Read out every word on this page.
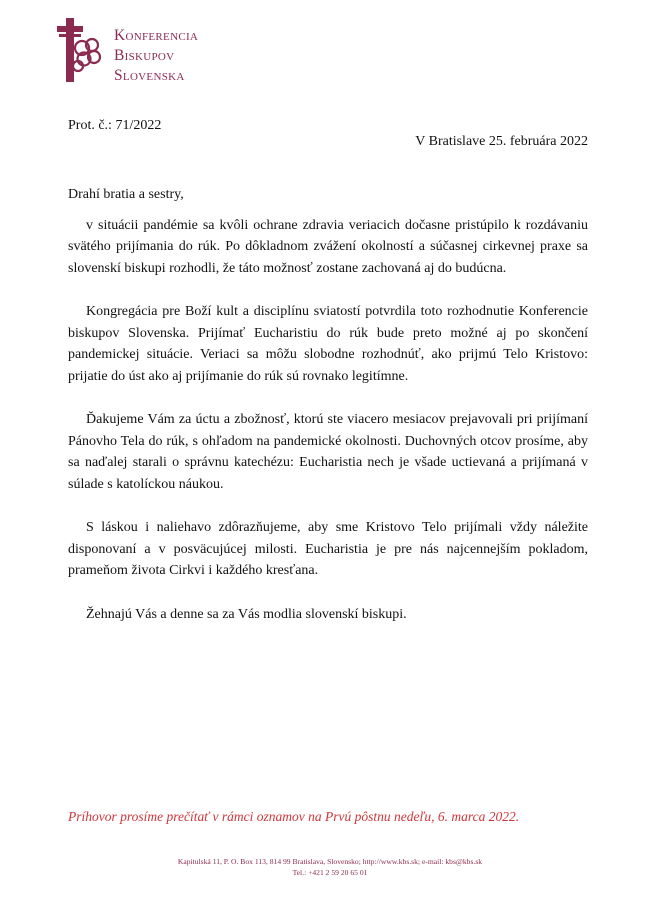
Konferencia
Biskupov
Slovenska
Prot. č.: 71/2022
V Bratislave 25. februára 2022

Drahí bratia a sestry,

v situácii pandémie sa kvôli ochrane zdravia veriacich dočasne pristúpilo k rozdávaniu svätého prijímania do rúk. Po dôkladnom zvážení okolností a súčasnej cirkevnej praxe sa slovenskí biskupi rozhodli, že táto možnosť zostane zachovaná aj do budúcna.

Kongregácia pre Boží kult a disciplínu sviatostí potvrdila toto rozhodnutie Konferencie biskupov Slovenska. Prijímať Eucharistiu do rúk bude preto možné aj po skončení pandemickej situácie. Veriaci sa môžu slobodne rozhodnúť, ako prijmú Telo Kristovo: prijatie do úst ako aj prijímanie do rúk sú rovnako legitímne.

Ďakujeme Vám za úctu a zbožnosť, ktorú ste viacero mesiacov prejavovali pri prijímaní Pánovho Tela do rúk, s ohľadom na pandemické okolnosti. Duchovných otcov prosíme, aby sa naďalej starali o správnu katechézu: Eucharistia nech je všade uctievaná a prijímaná v súlade s katolíckou náukou.

S láskou i naliehavo zdôrazňujeme, aby sme Kristovo Telo prijímali vždy náležite disponovaní a v posväcujúcej milosti. Eucharistia je pre nás najcennejším pokladom, prameňom života Cirkvi i každého kresťana.

Žehnajú Vás a denne sa za Vás modlia slovenskí biskupi.

Príhovor prosíme prečítať v rámci oznamov na Prvú pôstnu nedeľu, 6. marca 2022.
Kapitulská 11, P. O. Box 113, 814 99 Bratislava, Slovensko; http://www.kbs.sk; e-mail: kbs@kbs.sk
Tel.: +421 2 59 20 65 01
